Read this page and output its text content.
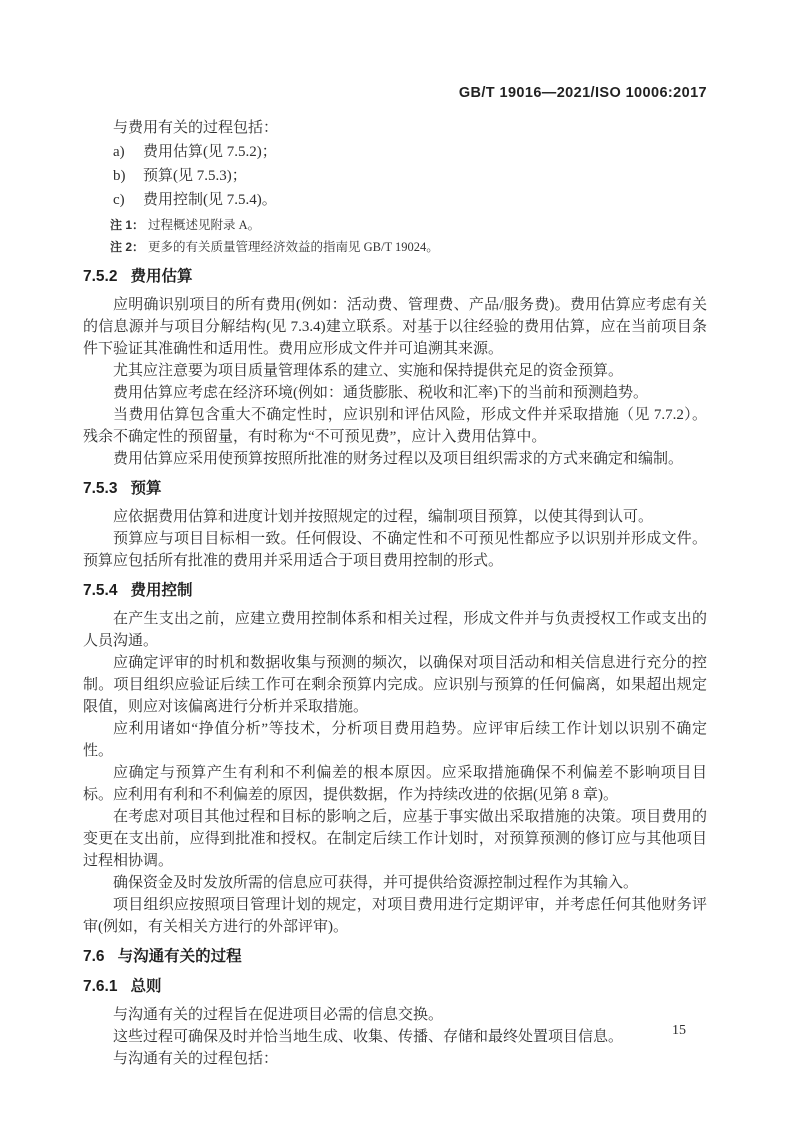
GB/T 19016—2021/ISO 10006:2017

与费用有关的过程包括：

a)	费用估算(见 7.5.2)；
b)	预算(见 7.5.3)；
c)	费用控制(见 7.5.4)。

注 1： 过程概述见附录 A。

注 2： 更多的有关质量管理经济效益的指南见 GB/T 19024。

7.5.2 费用估算

应明确识别项目的所有费用(例如：活动费、管理费、产品/服务费)。费用估算应考虑有关的信息源并与项目分解结构(见 7.3.4)建立联系。对基于以往经验的费用估算，应在当前项目条件下验证其准确性和适用性。费用应形成文件并可追溯其来源。

尤其应注意要为项目质量管理体系的建立、实施和保持提供充足的资金预算。

费用估算应考虑在经济环境(例如：通货膨胀、税收和汇率)下的当前和预测趋势。

当费用估算包含重大不确定性时，应识别和评估风险，形成文件并采取措施（见 7.7.2）。残余不确定性的预留量，有时称为“不可预见费”，应计入费用估算中。

费用估算应采用使预算按照所批准的财务过程以及项目组织需求的方式来确定和编制。

7.5.3 预算

应依据费用估算和进度计划并按照规定的过程，编制项目预算，以使其得到认可。

预算应与项目目标相一致。任何假设、不确定性和不可预见性都应予以识别并形成文件。预算应包括所有批准的费用并采用适合于项目费用控制的形式。

7.5.4 费用控制

在产生支出之前，应建立费用控制体系和相关过程，形成文件并与负责授权工作或支出的人员沟通。

应确定评审的时机和数据收集与预测的频次，以确保对项目活动和相关信息进行充分的控制。项目组织应验证后续工作可在剩余预算内完成。应识别与预算的任何偏离，如果超出规定限值，则应对该偏离进行分析并采取措施。

应利用诸如“挣值分析”等技术，分析项目费用趋势。应评审后续工作计划以识别不确定性。

应确定与预算产生有利和不利偏差的根本原因。应采取措施确保不利偏差不影响项目目标。应利用有利和不利偏差的原因，提供数据，作为持续改进的依据(见第 8 章)。

在考虑对项目其他过程和目标的影响之后，应基于事实做出采取措施的决策。项目费用的变更在支出前，应得到批准和授权。在制定后续工作计划时，对预算预测的修订应与其他项目过程相协调。

确保资金及时发放所需的信息应可获得，并可提供给资源控制过程作为其输入。

项目组织应按照项目管理计划的规定，对项目费用进行定期评审，并考虑任何其他财务评审(例如，有关相关方进行的外部评审)。

7.6 与沟通有关的过程
7.6.1 总则

与沟通有关的过程旨在促进项目必需的信息交换。

这些过程可确保及时并恰当地生成、收集、传播、存储和最终处置项目信息。

与沟通有关的过程包括：

15
